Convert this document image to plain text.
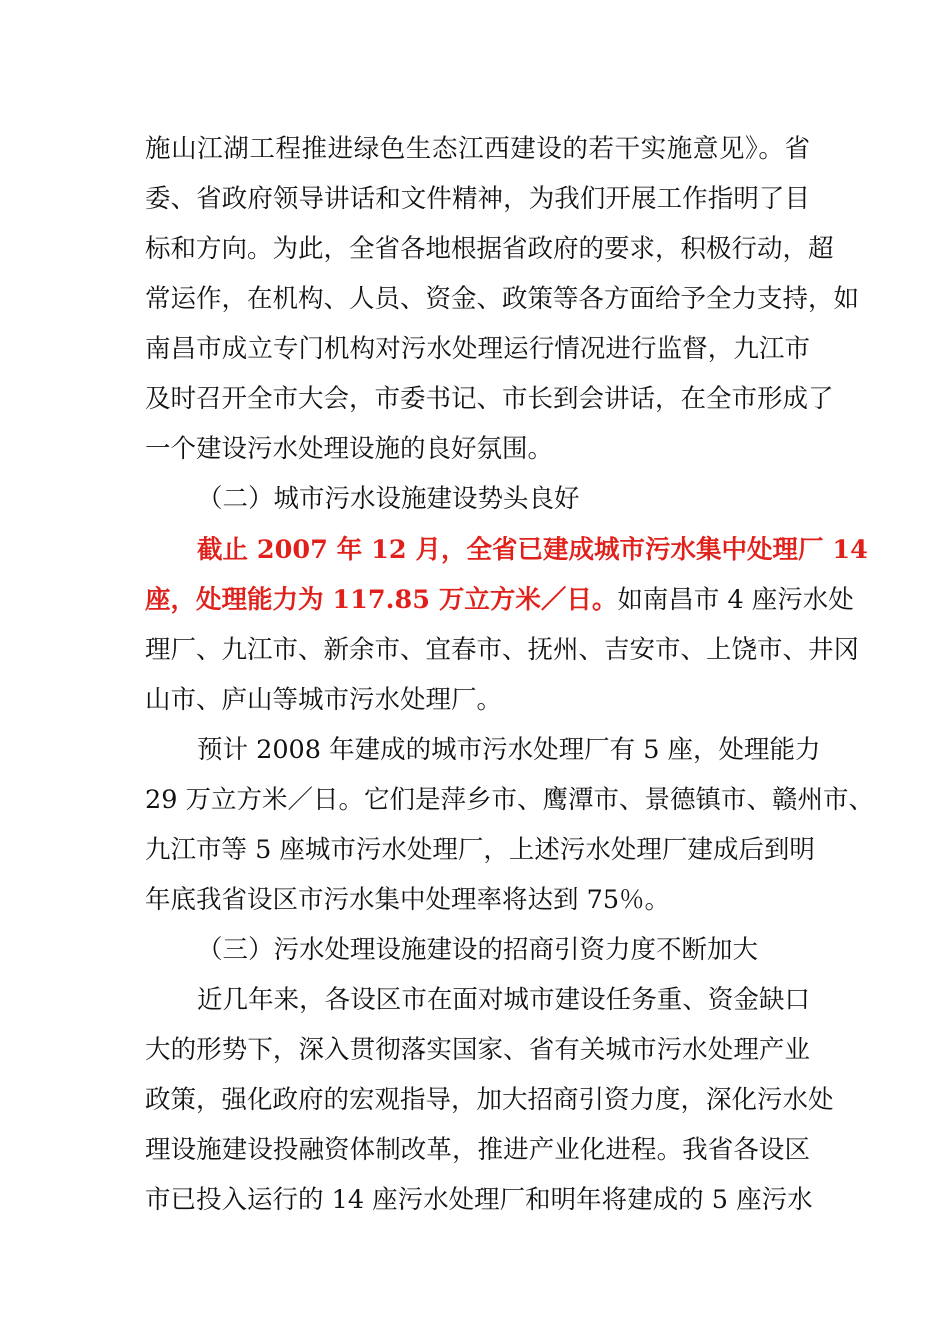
施山江湖工程推进绿色生态江西建设的若干实施意见》。省
委、省政府领导讲话和文件精神，为我们开展工作指明了目
标和方向。为此，全省各地根据省政府的要求，积极行动，超
常运作，在机构、人员、资金、政策等各方面给予全力支持，如
南昌市成立专门机构对污水处理运行情况进行监督，九江市
及时召开全市大会，市委书记、市长到会讲话，在全市形成了
一个建设污水处理设施的良好氛围。
（二）城市污水设施建设势头良好
截止 2007 年 12 月，全省已建成城市污水集中处理厂 14
座，处理能力为 117.85 万立方米／日。如南昌市 4 座污水处
理厂、九江市、新余市、宜春市、抚州、吉安市、上饶市、井冈
山市、庐山等城市污水处理厂。
预计 2008 年建成的城市污水处理厂有 5 座，处理能力
29 万立方米／日。它们是萍乡市、鹰潭市、景德镇市、赣州市、
九江市等 5 座城市污水处理厂，上述污水处理厂建成后到明
年底我省设区市污水集中处理率将达到 75％。
（三）污水处理设施建设的招商引资力度不断加大
近几年来，各设区市在面对城市建设任务重、资金缺口
大的形势下，深入贯彻落实国家、省有关城市污水处理产业
政策，强化政府的宏观指导，加大招商引资力度，深化污水处
理设施建设投融资体制改革，推进产业化进程。我省各设区
市已投入运行的 14 座污水处理厂和明年将建成的 5 座污水
